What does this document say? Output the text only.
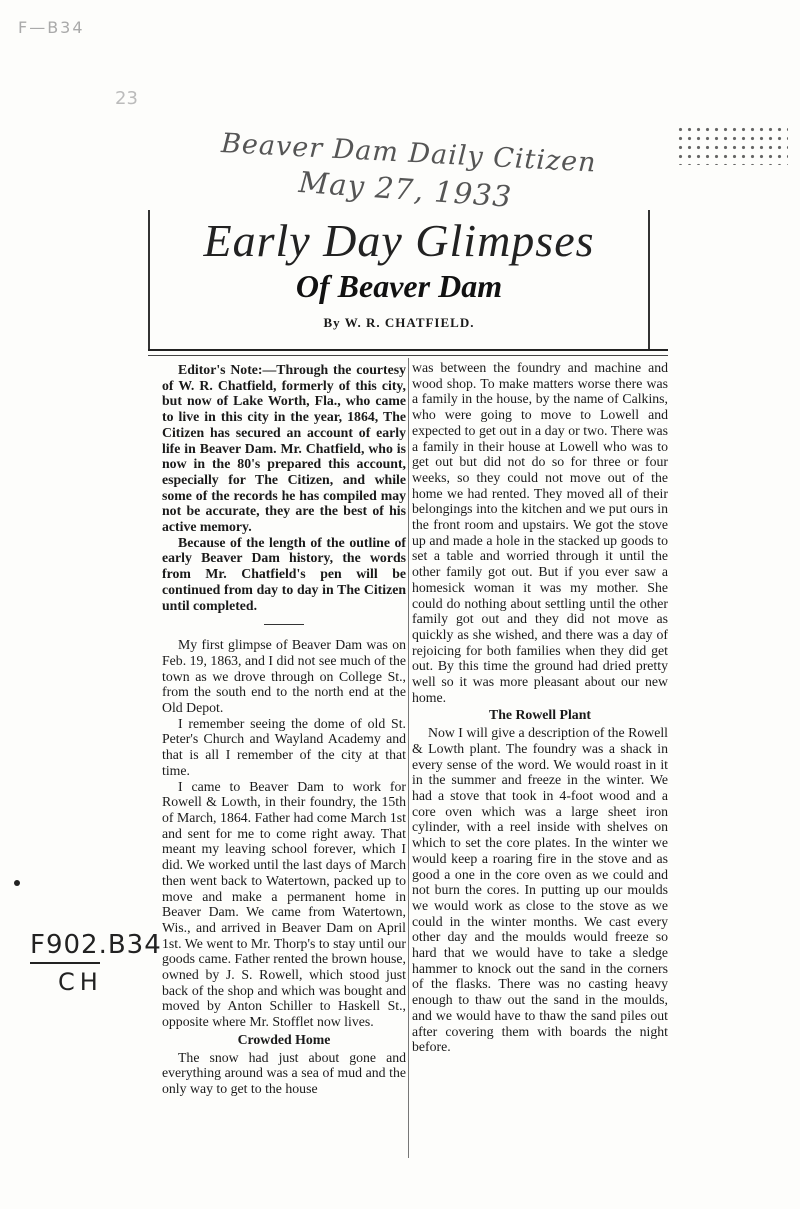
F—B34
23
Beaver Dam Daily Citizen
May 27, 1933
F902.B34
CH
Early Day Glimpses
Of Beaver Dam
By W. R. CHATFIELD.

Editor's Note:—Through the courtesy of W. R. Chatfield, formerly of this city, but now of Lake Worth, Fla., who came to live in this city in the year, 1864, The Citizen has secured an account of early life in Beaver Dam. Mr. Chatfield, who is now in the 80's prepared this account, especially for The Citizen, and while some of the records he has compiled may not be accurate, they are the best of his active memory.

Because of the length of the outline of early Beaver Dam history, the words from Mr. Chatfield's pen will be continued from day to day in The Citizen until completed.

My first glimpse of Beaver Dam was on Feb. 19, 1863, and I did not see much of the town as we drove through on College St., from the south end to the north end at the Old Depot.

I remember seeing the dome of old St. Peter's Church and Wayland Academy and that is all I remember of the city at that time.

I came to Beaver Dam to work for Rowell & Lowth, in their foundry, the 15th of March, 1864. Father had come March 1st and sent for me to come right away. That meant my leaving school forever, which I did. We worked until the last days of March then went back to Watertown, packed up to move and make a permanent home in Beaver Dam. We came from Watertown, Wis., and arrived in Beaver Dam on April 1st. We went to Mr. Thorp's to stay until our goods came. Father rented the brown house, owned by J. S. Rowell, which stood just back of the shop and which was bought and moved by Anton Schiller to Haskell St., opposite where Mr. Stofflet now lives.

Crowded Home

The snow had just about gone and everything around was a sea of mud and the only way to get to the house

was between the foundry and machine and wood shop. To make matters worse there was a family in the house, by the name of Calkins, who were going to move to Lowell and expected to get out in a day or two. There was a family in their house at Lowell who was to get out but did not do so for three or four weeks, so they could not move out of the home we had rented. They moved all of their belongings into the kitchen and we put ours in the front room and upstairs. We got the stove up and made a hole in the stacked up goods to set a table and worried through it until the other family got out. But if you ever saw a homesick woman it was my mother. She could do nothing about settling until the other family got out and they did not move as quickly as she wished, and there was a day of rejoicing for both families when they did get out. By this time the ground had dried pretty well so it was more pleasant about our new home.

The Rowell Plant

Now I will give a description of the Rowell & Lowth plant. The foundry was a shack in every sense of the word. We would roast in it in the summer and freeze in the winter. We had a stove that took in 4-foot wood and a core oven which was a large sheet iron cylinder, with a reel inside with shelves on which to set the core plates. In the winter we would keep a roaring fire in the stove and as good a one in the core oven as we could and not burn the cores. In putting up our moulds we would work as close to the stove as we could in the winter months. We cast every other day and the moulds would freeze so hard that we would have to take a sledge hammer to knock out the sand in the corners of the flasks. There was no casting heavy enough to thaw out the sand in the moulds, and we would have to thaw the sand piles out after covering them with boards the night before.
